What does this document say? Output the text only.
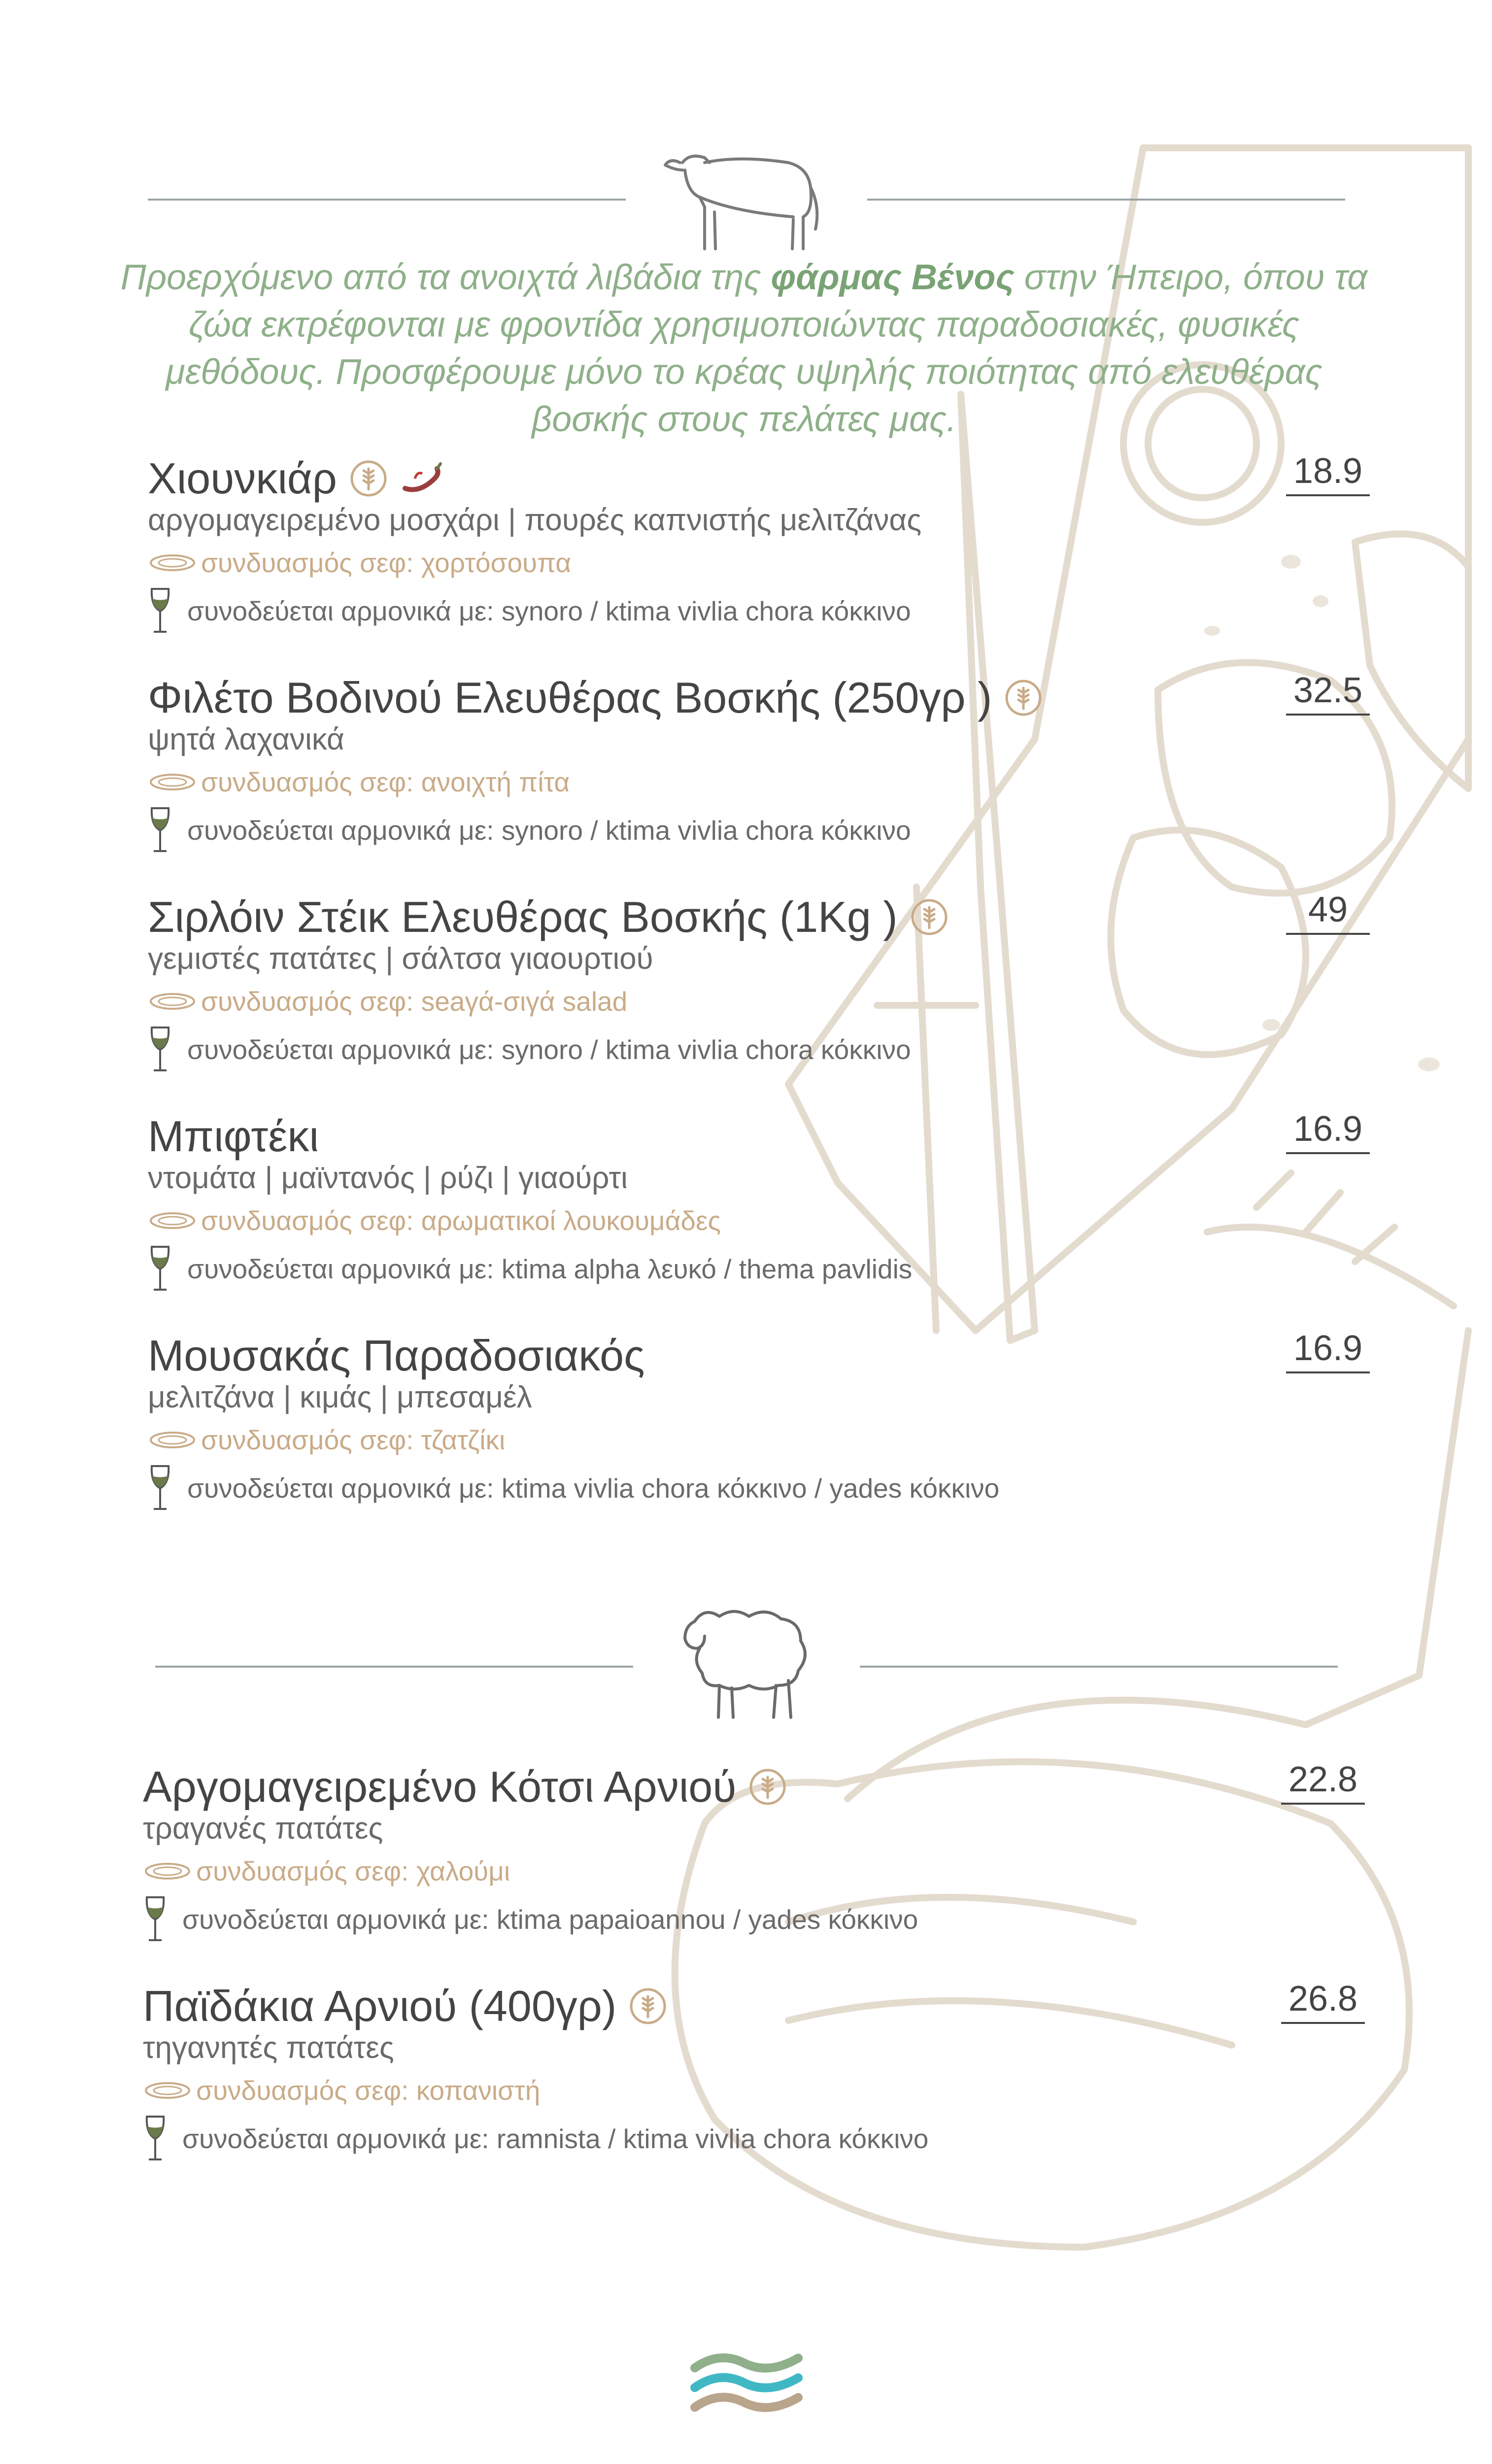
Προερχόμενο από τα ανοιχτά λιβάδια της φάρμας Βένος στην Ήπειρο, όπου τα ζώα εκτρέφονται με φροντίδα χρησιμοποιώντας παραδοσιακές, φυσικές μεθόδους. Προσφέρουμε μόνο το κρέας υψηλής ποιότητας από ελευθέρας βοσκής στους πελάτες μας.
Χιουνκιάρ
αργομαγειρεμένο μοσχάρι | πουρές καπνιστής μελιτζάνας
συνδυασμός σεφ: χορτόσουπα
συνοδεύεται αρμονικά με: synoro / ktima vivlia chora κόκκινο
18.9
Φιλέτο Βοδινού Ελευθέρας Βοσκής (250γρ )
ψητά λαχανικά
συνδυασμός σεφ: ανοιχτή πίτα
συνοδεύεται αρμονικά με: synoro / ktima vivlia chora κόκκινο
32.5
Σιρλόιν Στέικ Ελευθέρας Βοσκής (1Kg )
γεμιστές πατάτες | σάλτσα γιαουρτιού
συνδυασμός σεφ: seaγά-σιγά salad
συνοδεύεται αρμονικά με: synoro / ktima vivlia chora κόκκινο
49
Μπιφτέκι
ντομάτα | μαϊντανός | ρύζι | γιαούρτι
συνδυασμός σεφ: αρωματικοί λουκουμάδες
συνοδεύεται αρμονικά με: ktima alpha λευκό / thema pavlidis
16.9
Μουσακάς Παραδοσιακός
μελιτζάνα | κιμάς | μπεσαμέλ
συνδυασμός σεφ: τζατζίκι
συνοδεύεται αρμονικά με: ktima vivlia chora κόκκινο / yades κόκκινο
16.9
Αργομαγειρεμένο Κότσι Αρνιού
τραγανές πατάτες
συνδυασμός σεφ: χαλούμι
συνοδεύεται αρμονικά με: ktima papaioannou / yades κόκκινο
22.8
Παϊδάκια Αρνιού (400γρ)
τηγανητές πατάτες
συνδυασμός σεφ: κοπανιστή
συνοδεύεται αρμονικά με: ramnista / ktima vivlia chora κόκκινο
26.8
